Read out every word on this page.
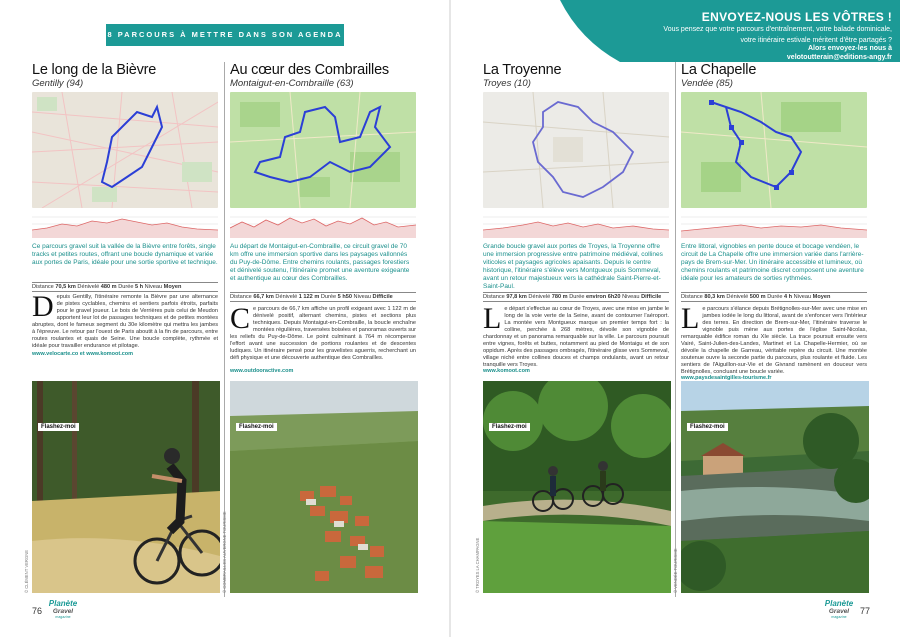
8 PARCOURS À METTRE DANS SON AGENDA
ENVOYEZ-NOUS LES VÔTRES !
Vous pensez que votre parcours d'entraînement, votre balade dominicale,
votre itinéraire estivale méritent d'être partagés ?
Alors envoyez-les nous à
velotoutterain@editions-angy.fr
Le long de la Bièvre
Gentilly (94)
Ce parcours gravel suit la vallée de la Bièvre entre forêts, single tracks et petites routes, offrant une boucle dynamique et variée aux portes de Paris, idéale pour une sortie sportive et technique.
Distance 70,5 km Dénivelé 480 m Durée 5 h Niveau Moyen
Depuis Gentilly, l'itinéraire remonte la Bièvre par une alternance de pistes cyclables, chemins et sentiers parfois étroits, parfaits pour le gravel joueur. Le bois de Verrières puis celui de Meudon apportent leur lot de passages techniques et de petites montées abruptes, dont le fameux segment du 30e kilomètre qui mettra les jambes à l'épreuve. Le retour par l'ouest de Paris aboutit à la fin de parcours, entre routes roulantes et quais de Seine. Une boucle complète, rythmée et idéale pour travailler endurance et pilotage.
www.velocarte.co et www.komoot.com
Flashez-moi
© CLÉMENT VERGNE
Au cœur des Combrailles
Montaigut-en-Combraille (63)
Au départ de Montaigut-en-Combraille, ce circuit gravel de 70 km offre une immersion sportive dans les paysages vallonnés du Puy-de-Dôme. Entre chemins roulants, passages forestiers et dénivelé soutenu, l'itinéraire promet une aventure exigeante et authentique au cœur des Combrailles.
Distance 66,7 km Dénivelé 1 122 m Durée 5 h50 Niveau Difficile
Ce parcours de 66,7 km affiche un profil exigeant avec 1 122 m de dénivelé positif, alternant chemins, pistes et sections plus techniques. Depuis Montaigut-en-Combraille, la boucle enchaîne montées régulières, traversées boisées et panoramas ouverts sur les reliefs du Puy-de-Dôme. Le point culminant à 764 m récompense l'effort avant une succession de portions roulantes et de descentes ludiques. Un itinéraire pensé pour les gravelistes aguerris, recherchant un défi physique et une découverte authentique des Combrailles.
www.outdooractive.com
Flashez-moi
© COMBRAILLES AUVERGNE TOURISME
La Troyenne
Troyes (10)
Grande boucle gravel aux portes de Troyes, la Troyenne offre une immersion progressive entre patrimoine médiéval, collines viticoles et paysages agricoles apaisants. Depuis le centre historique, l'itinéraire s'élève vers Montgueux puis Sommeval, avant un retour majestueux vers la cathédrale Saint-Pierre-et-Saint-Paul.
Distance 97,8 km Dénivelé 780 m Durée environ 6h20 Niveau Difficile
Le départ s'effectue au cœur de Troyes, avec une mise en jambe le long de la voie verte de la Seine, avant de contourner l'aéroport. La montée vers Montgueux marque un premier temps fort : la colline, perchée à 268 mètres, dévoile son vignoble de chardonnay et un panorama remarquable sur la ville. Le parcours poursuit entre vignes, forêts et buttes, notamment au pied de Montaigu et de son oppidum. Après des passages ombragés, l'itinéraire glisse vers Sommeval, village niché entre collines douces et champs ondulants, avant un retour tranquille vers Troyes.
www.komoot.com
Flashez-moi
© TROYES LA CHAMPAGNE
La Chapelle
Vendée (85)
Entre littoral, vignobles en pente douce et bocage vendéen, le circuit de La Chapelle offre une immersion variée dans l'arrière-pays de Brem-sur-Mer. Un itinéraire accessible et lumineux, où chemins roulants et patrimoine discret composent une aventure idéale pour les amateurs de sorties rythmées.
Distance 80,3 km Dénivelé 500 m Durée 4 h Niveau Moyen
Le parcours s'élance depuis Brétignolles-sur-Mer avec une mise en jambes iodée le long du littoral, avant de s'enfoncer vers l'intérieur des terres. En direction de Brem-sur-Mer, l'itinéraire traverse le vignoble puis mène aux portes de l'église Saint-Nicolas, remarquable édifice roman du XIe siècle. La trace poursuit ensuite vers Vairé, Saint-Julien-des-Landes, Martinet et La Chapelle-Hermier, où se dévoile la chapelle de Garreau, véritable repère du circuit. Une montée soutenue ouvre la seconde partie du parcours, plus roulante et fluide. Les sentiers de l'Aiguillon-sur-Vie et de Givrand ramènent en douceur vers Brétignolles, concluant une boucle variée.
www.paysdesaintgilles-tourisme.fr
Flashez-moi
© VENDÉE TOURISME
76
Planète
Gravel
magazine
Planète
Gravel
magazine
77
